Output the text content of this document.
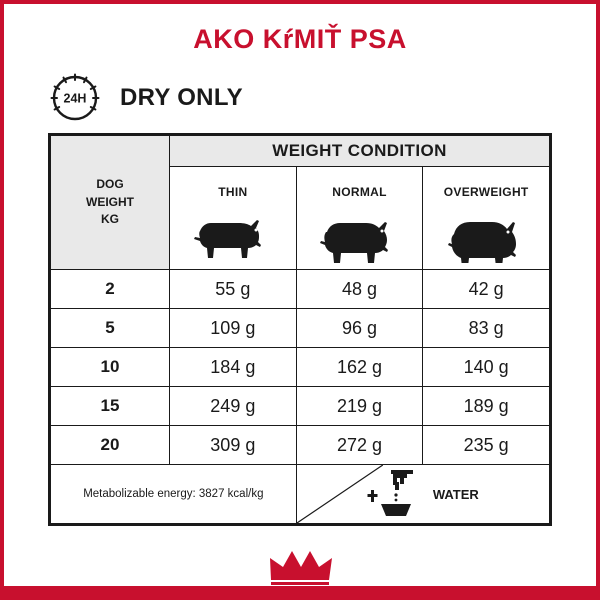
AKO KŕMIŤ PSA
24H DRY ONLY
DOG
WEIGHT
KG	WEIGHT CONDITION		

	THIN	NORMAL	OVERWEIGHT

2	55 g	48 g	42 g
5	109 g	96 g	83 g
10	184 g	162 g	140 g
15	249 g	219 g	189 g
20	309 g	272 g	235 g
Metabolizable energy: 3827 kcal/kg		WATER	
